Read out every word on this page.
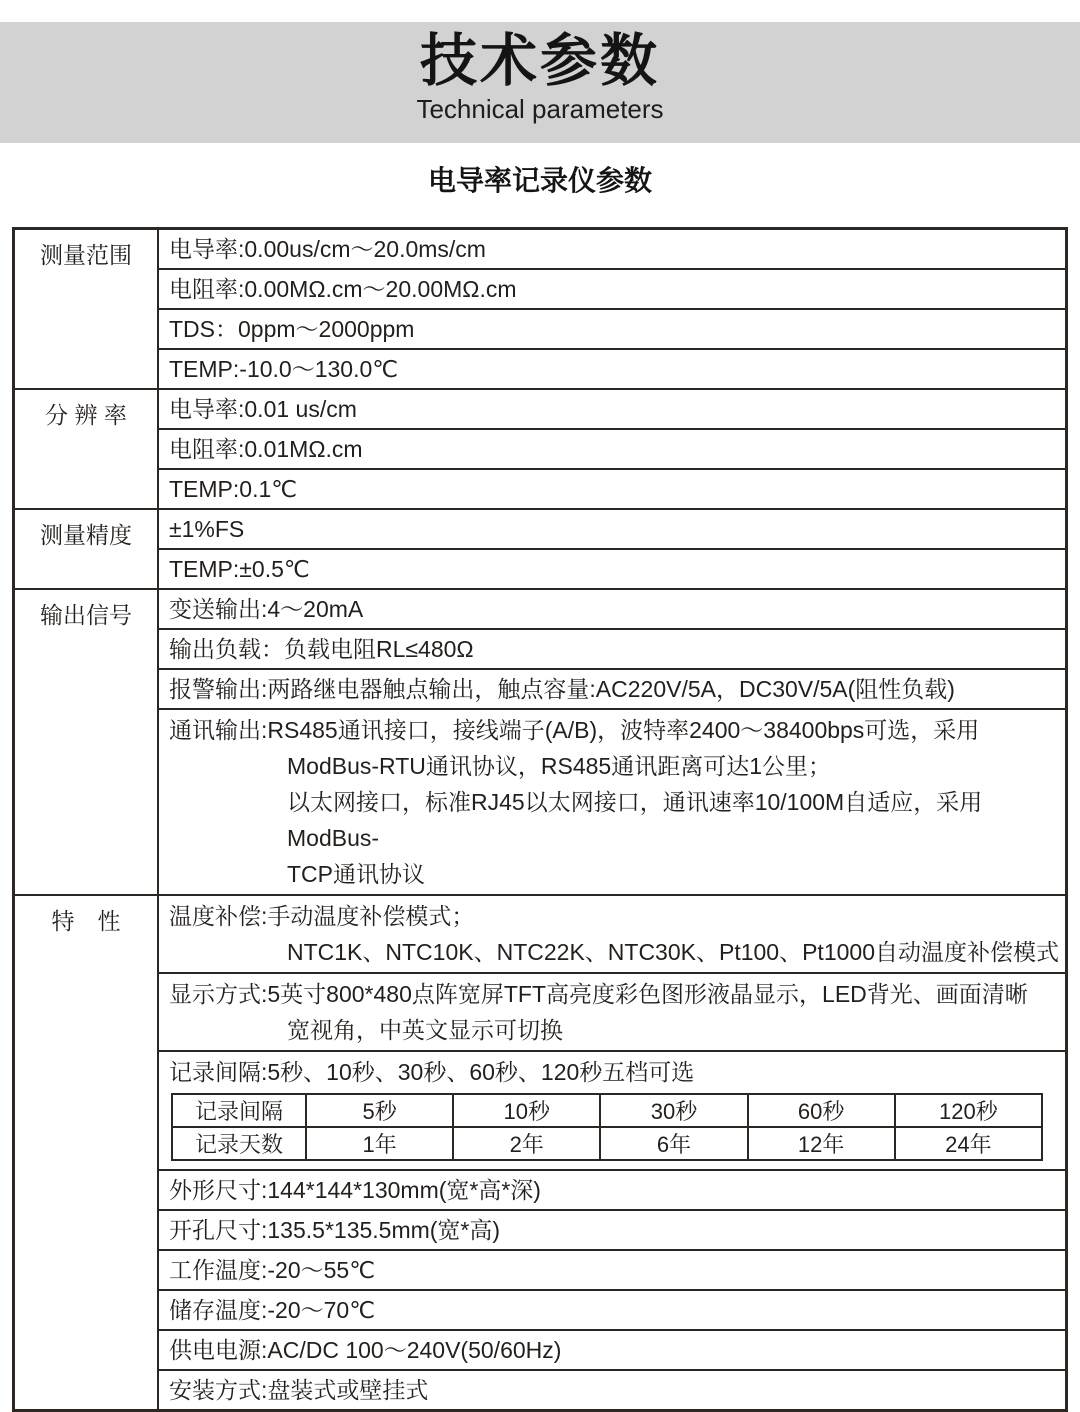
技术参数
Technical parameters
电导率记录仪参数
测量范围	电导率:0.00us/cm～20.0ms/cm
电阻率:0.00MΩ.cm～20.00MΩ.cm
TDS：0ppm～2000ppm
TEMP:-10.0～130.0℃
分 辨 率	电导率:0.01 us/cm
电阻率:0.01MΩ.cm
TEMP:0.1℃
测量精度	±1%FS
TEMP:±0.5℃
输出信号	变送输出:4～20mA
输出负载：负载电阻RL≤480Ω
报警输出:两路继电器触点输出，触点容量:AC220V/5A，DC30V/5A(阻性负载)
通讯输出:RS485通讯接口，接线端子(A/B)，波特率2400～38400bps可选，采用
ModBus-RTU通讯协议，RS485通讯距离可达1公里；
以太网接口，标准RJ45以太网接口，通讯速率10/100M自适应，采用ModBus-
TCP通讯协议
特　性	温度补偿:手动温度补偿模式；
NTC1K、NTC10K、NTC22K、NTC30K、Pt100、Pt1000自动温度补偿模式
显示方式:5英寸800*480点阵宽屏TFT高亮度彩色图形液晶显示，LED背光、画面清晰
宽视角，中英文显示可切换
记录间隔:5秒、10秒、30秒、60秒、120秒五档可选
记录间隔	5秒	10秒	30秒	60秒	120秒
记录天数	1年	2年	6年	12年	24年
外形尺寸:144*144*130mm(宽*高*深)
开孔尺寸:135.5*135.5mm(宽*高)
工作温度:-20～55℃
储存温度:-20～70℃
供电电源:AC/DC 100～240V(50/60Hz)
安装方式:盘装式或壁挂式
